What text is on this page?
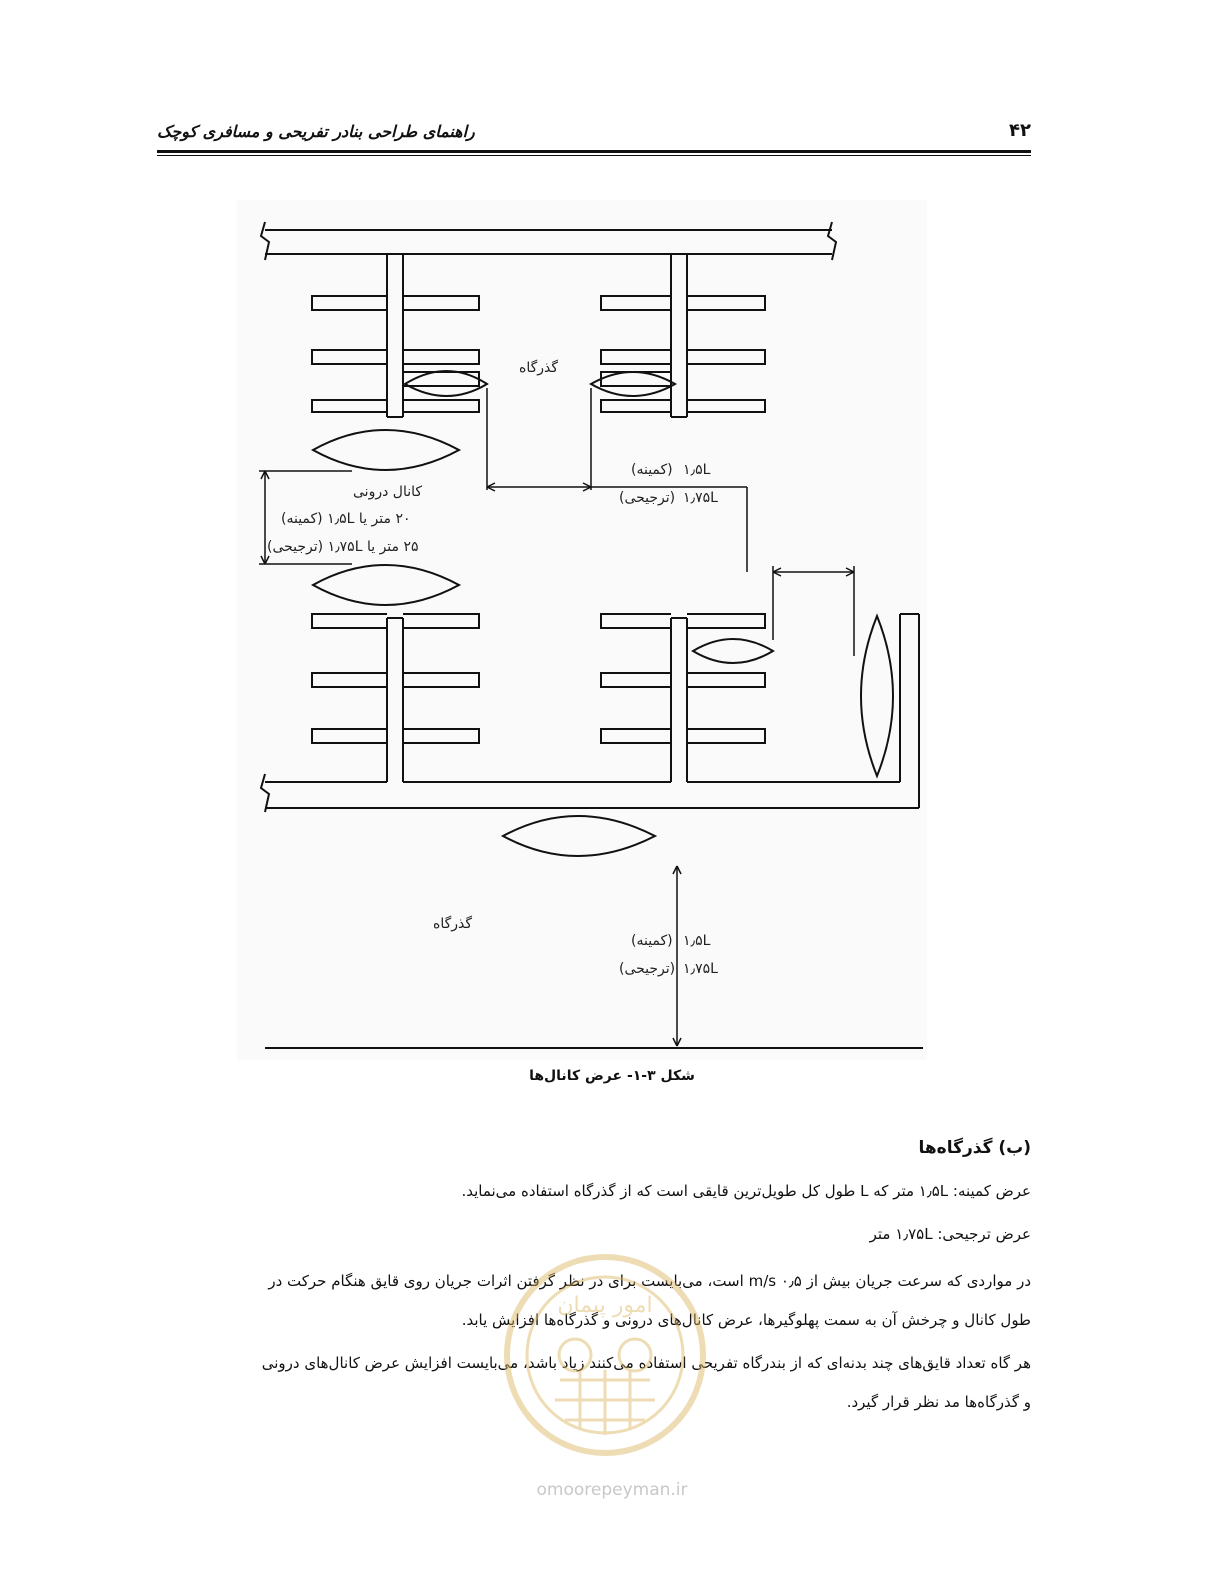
راهنمای طراحی بنادر تفریحی و مسافری کوچک	۴۲
گذرگاه
(کمینه) ۱٫۵L
(ترجیحی) ۱٫۷۵L
کانال درونی
۲۰ متر یا ۱٫۵L (کمینه)
۲۵ متر یا ۱٫۷۵L (ترجیحی)
گذرگاه
(کمینه) ۱٫۵L
(ترجیحی) ۱٫۷۵L
شکل ۳-۱- عرض کانال‌ها
(ب) گذرگاه‌ها
عرض کمینه: ۱٫۵L متر که L طول کل طویل‌ترین قایقی است که از گذرگاه استفاده می‌نماید.
عرض ترجیحی: ۱٫۷۵L متر
در مواردی که سرعت جریان بیش از ۰٫۵ m/s است، می‌بایست برای در نظر گرفتن اثرات جریان روی قایق هنگام حرکت در
طول کانال و چرخش آن به سمت پهلوگیرها، عرض کانال‌های درونی و گذرگاه‌ها افزایش یابد.
هر گاه تعداد قایق‌های چند بدنه‌ای که از بندرگاه تفریحی استفاده می‌کنند زیاد باشد، می‌بایست افزایش عرض کانال‌های درونی
و گذرگاه‌ها مد نظر قرار گیرد.
امور پیمان
omoorepeyman.ir
